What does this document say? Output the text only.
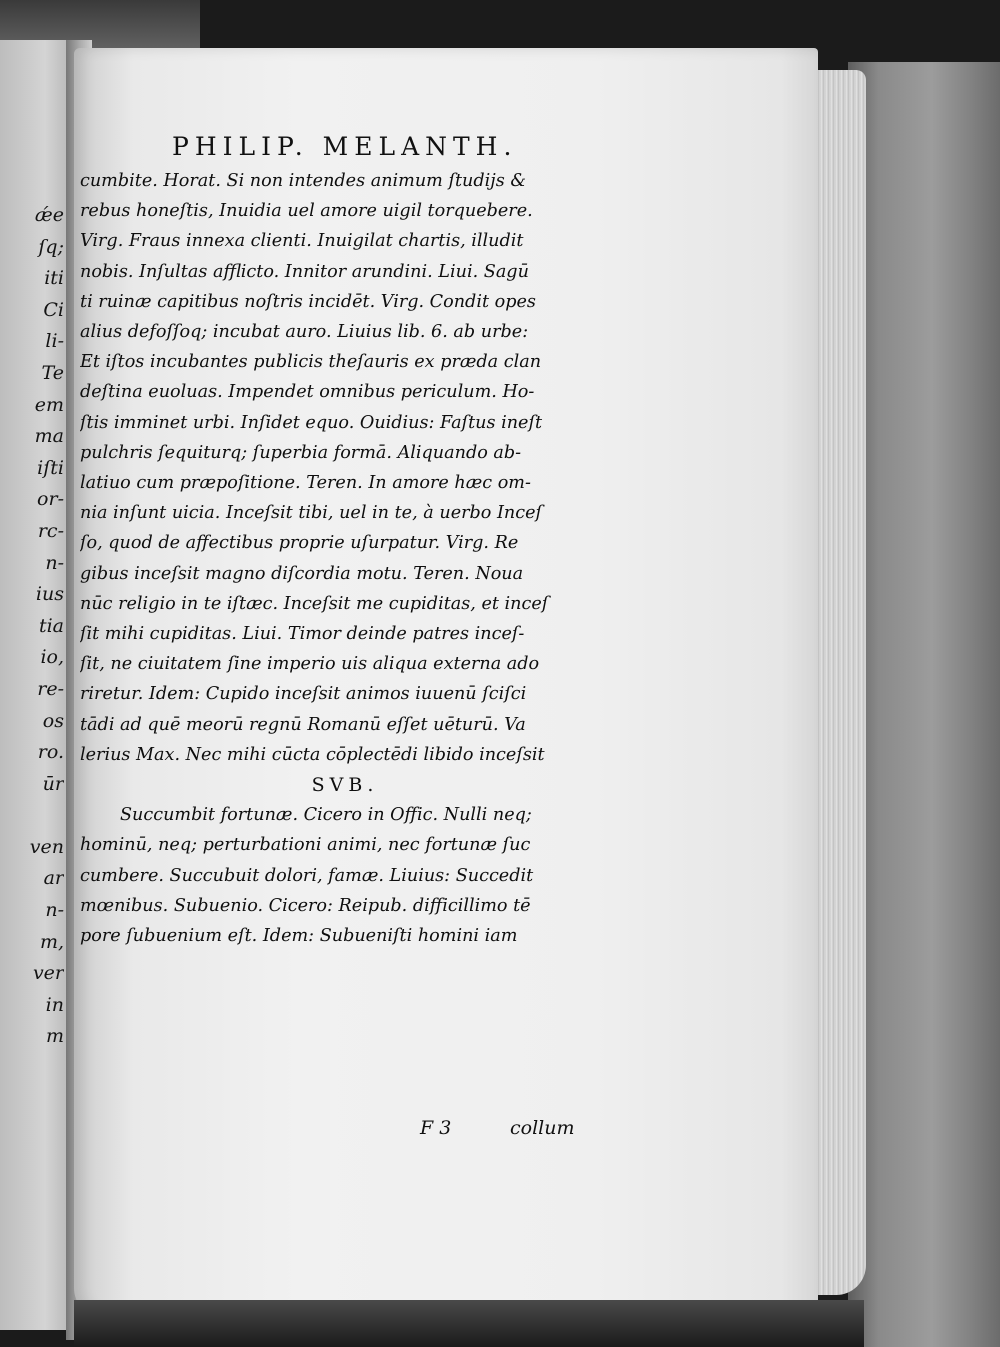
ǽe
ſq;
iti
Ci
li-
Te
em
ma
iſti
or-
rc-
n-
ius
tia
io,
re-
os
ro.
ūr

ven
ar
n-
m,
ver
in
m
PHILIP. MELANTH.
cumbite. Horat. Si non intendes animum ſtudijs &
rebus honeſtis, Inuidia uel amore uigil torquebere.
Virg. Fraus innexa clienti. Inuigilat chartis, illudit
nobis. Inſultas afflicto. Innitor arundini. Liui. Sagū
ti ruinæ capitibus noſtris incidēt. Virg. Condit opes
alius defoſſoq; incubat auro. Liuius lib. 6. ab urbe:
Et iſtos incubantes publicis theſauris ex præda clan
deſtina euoluas. Impendet omnibus periculum. Ho-
ſtis imminet urbi. Inſidet equo. Ouidius: Faſtus ineſt
pulchris ſequiturq; ſuperbia formā. Aliquando ab-
latiuo cum præpoſitione. Teren. In amore hæc om-
nia inſunt uicia. Inceſsit tibi, uel in te, à uerbo Inceſ
ſo, quod de affectibus proprie uſurpatur. Virg. Re
gibus inceſsit magno diſcordia motu. Teren. Noua
nūc religio in te iſtæc. Inceſsit me cupiditas, et inceſ
ſit mihi cupiditas. Liui. Timor deinde patres inceſ-
ſit, ne ciuitatem ſine imperio uis aliqua externa ado
riretur. Idem: Cupido inceſsit animos iuuenū ſciſci
tādi ad quē meorū regnū Romanū eſſet uēturū. Va
lerius Max. Nec mihi cūcta cōplectēdi libido inceſsit
SVB.
Succumbit fortunæ. Cicero in Offic. Nulli neq;
hominū, neq; perturbationi animi, nec fortunæ ſuc
cumbere. Succubuit dolori, famæ. Liuius: Succedit
mœnibus. Subuenio. Cicero: Reipub. difficillimo tē
pore ſubuenium eſt. Idem: Subueniſti homini iam
F 3	collum
